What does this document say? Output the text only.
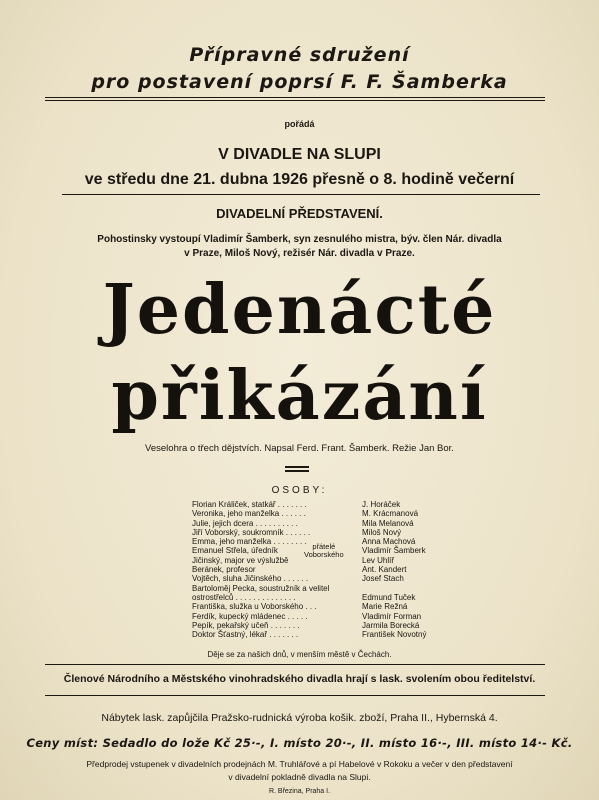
Přípravné sdružení
pro postavení poprsí F. F. Šamberka
pořádá
V DIVADLE NA SLUPI
ve středu dne 21. dubna 1926 přesně o 8. hodině večerní
DIVADELNÍ PŘEDSTAVENÍ.
Pohostinsky vystoupí Vladimír Šamberk, syn zesnulého mistra, býv. člen Nár. divadla
v Praze, Miloš Nový, režisér Nár. divadla v Praze.
Jedenácté
přikázání
Veselohra o třech dějstvích. Napsal Ferd. Frant. Šamberk. Režie Jan Bor.
OSOBY:
Florian Králiček, statkář . . . . . . .
Veronika, jeho manželka . . . . . .
Julie, jejich dcera . . . . . . . . . .
Jiří Voborský, soukromník . . . . . .
Emma, jeho manželka . . . . . . . .
Emanuel Střela, úředník
Jičinský, major ve výslužbě
Beránek, profesor
Vojtěch, sluha Jičinského . . . . . .
Bartoloměj Pecka, soustružník a velitel
ostrostřelců . . . . . . . . . . . . . .
Františka, služka u Voborského . . .
Ferdík, kupecký mládenec . . . . .
Pepík, pekařský učeň . . . . . . .
Doktor Šťastný, lékař . . . . . . .
přátelé
Voborského
J. Horáček
M. Krácmanová
Mila Melanová
Miloš Nový
Anna Machová
Vladimír Šamberk
Lev Uhlíř
Ant. Kandert
Josef Stach
Edmund Tuček
Marie Režná
Vladimír Forman
Jarmila Borecká
František Novotný
Děje se za našich dnů, v menším městě v Čechách.
Členové Národního a Městského vinohradského divadla hrají s lask. svolením obou ředitelství.
Nábytek lask. zapůjčila Pražsko-rudnická výroba košik. zboží, Praha II., Hybernská 4.
Ceny míst: Sedadlo do lože Kč 25·-, I. místo 20·-, II. místo 16·-, III. místo 14·- Kč.
Předprodej vstupenek v divadelních prodejnách M. Truhlářové a pí Habelové v Rokoku a večer v den představení
v divadelní pokladně divadla na Slupi.
R. Březina, Praha I.
